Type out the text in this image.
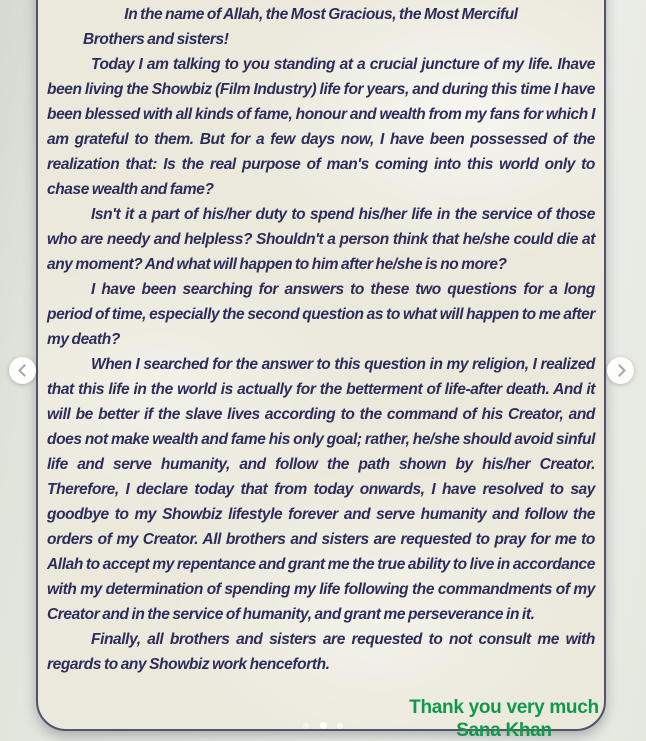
In the name of Allah, the Most Gracious, the Most Merciful

Brothers and sisters!

Today I am talking to you standing at a crucial juncture of my life. Ihave been living the Showbiz (Film Industry) life for years, and during this time I have been blessed with all kinds of fame, honour and wealth from my fans for which I am grateful to them. But for a few days now, I have been possessed of the realization that: Is the real purpose of man's coming into this world only to chase wealth and fame?

Isn't it a part of his/her duty to spend his/her life in the service of those who are needy and helpless? Shouldn't a person think that he/she could die at any moment? And what will happen to him after he/she is no more?

I have been searching for answers to these two questions for a long period of time, especially the second question as to what will happen to me after my death?

When I searched for the answer to this question in my religion, I realized that this life in the world is actually for the betterment of life-after death. And it will be better if the slave lives according to the command of his Creator, and does not make wealth and fame his only goal; rather, he/she should avoid sinful life and serve humanity, and follow the path shown by his/her Creator. Therefore, I declare today that from today onwards, I have resolved to say goodbye to my Showbiz lifestyle forever and serve humanity and follow the orders of my Creator. All brothers and sisters are requested to pray for me to Allah to accept my repentance and grant me the true ability to live in accordance with my determination of spending my life following the commandments of my Creator and in the service of humanity, and grant me perseverance in it.

Finally, all brothers and sisters are requested to not consult me with regards to any Showbiz work henceforth.

Thank you very much
Sana Khan
